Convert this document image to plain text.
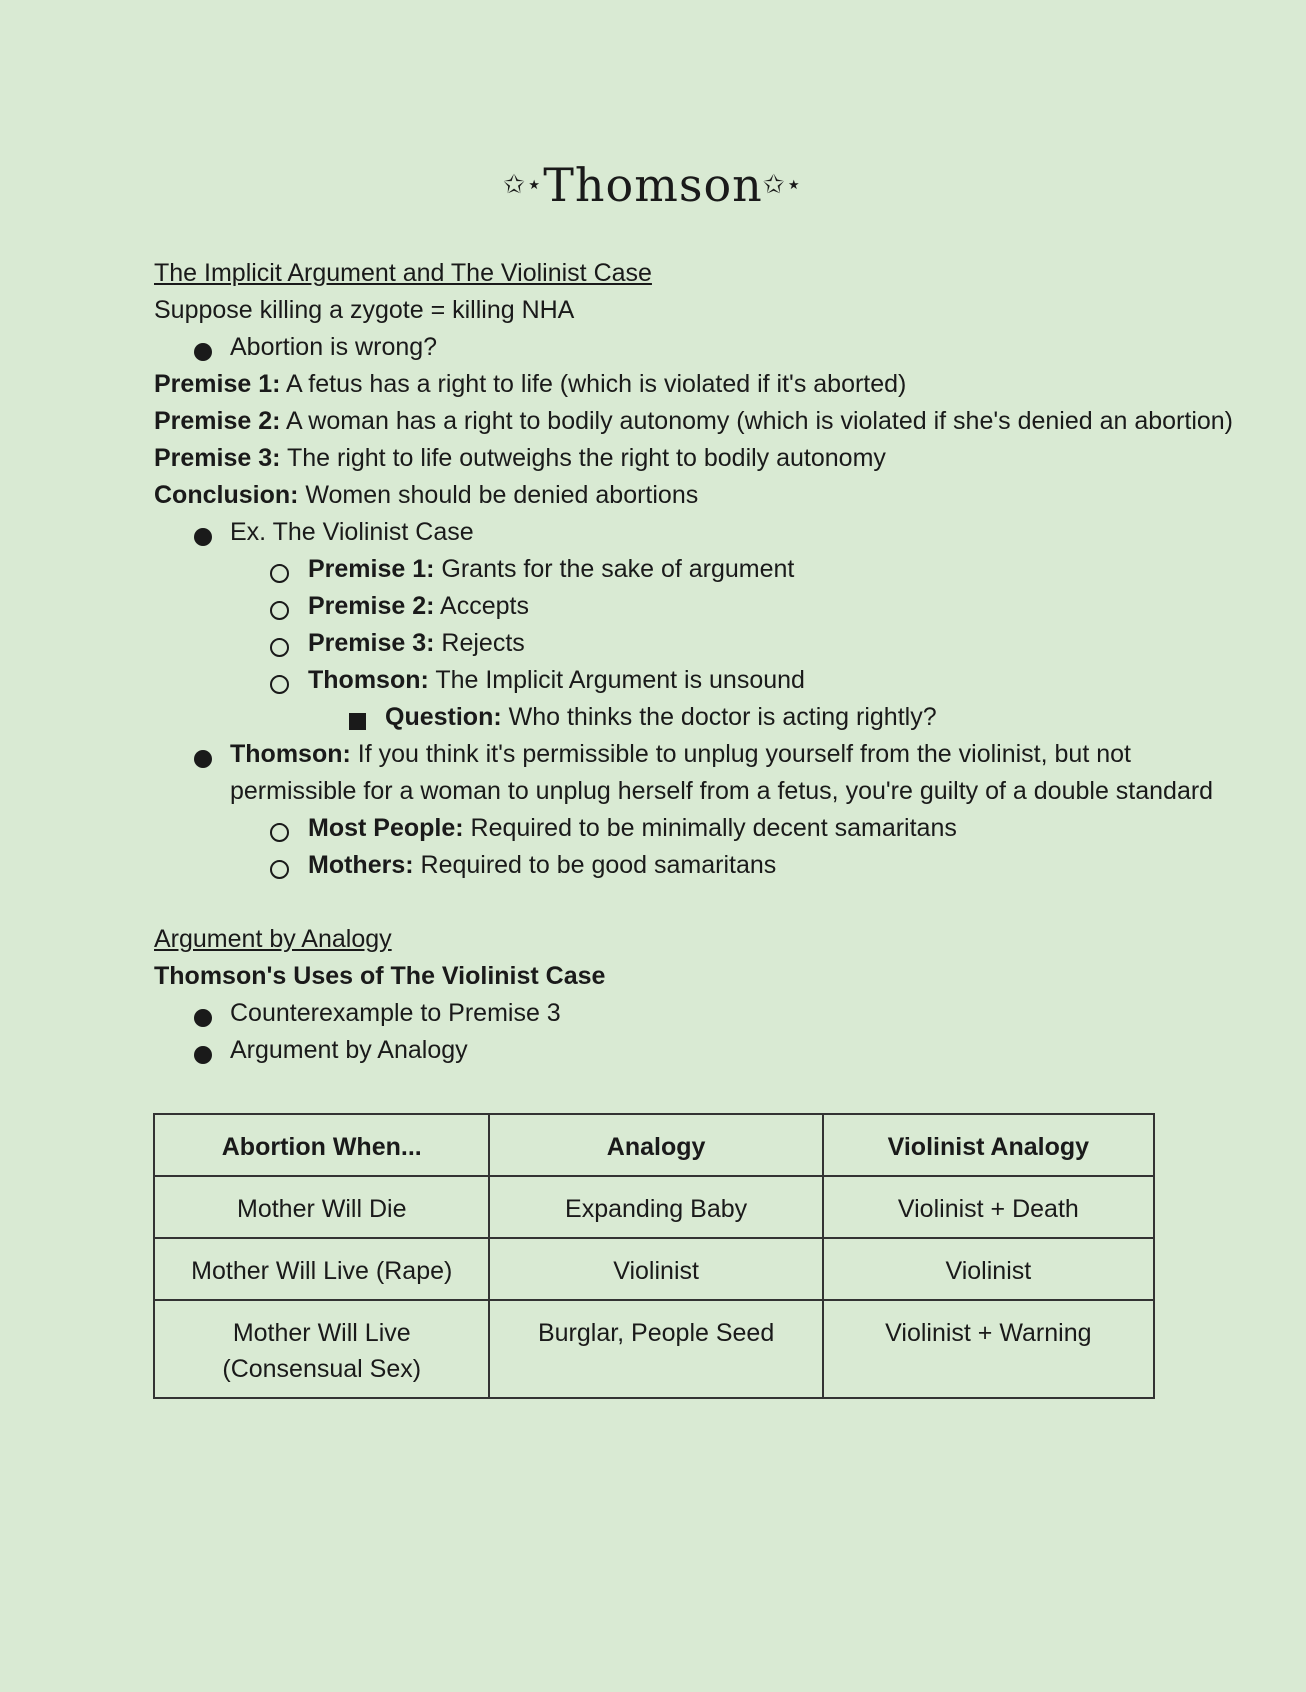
✩⋆Thomson✩⋆
The Implicit Argument and The Violinist Case
Suppose killing a zygote = killing NHA
Abortion is wrong?
Premise 1: A fetus has a right to life (which is violated if it's aborted)
Premise 2: A woman has a right to bodily autonomy (which is violated if she's denied an abortion)
Premise 3: The right to life outweighs the right to bodily autonomy
Conclusion: Women should be denied abortions
Ex. The Violinist Case
Premise 1: Grants for the sake of argument
Premise 2: Accepts
Premise 3: Rejects
Thomson: The Implicit Argument is unsound
Question: Who thinks the doctor is acting rightly?
Thomson: If you think it's permissible to unplug yourself from the violinist, but not
permissible for a woman to unplug herself from a fetus, you're guilty of a double standard
Most People: Required to be minimally decent samaritans
Mothers: Required to be good samaritans
Argument by Analogy
Thomson's Uses of The Violinist Case
Counterexample to Premise 3
Argument by Analogy
Abortion When...	Analogy	Violinist Analogy
Mother Will Die	Expanding Baby	Violinist + Death
Mother Will Live (Rape)	Violinist	Violinist
Mother Will Live (Consensual Sex)	Burglar, People Seed	Violinist + Warning
